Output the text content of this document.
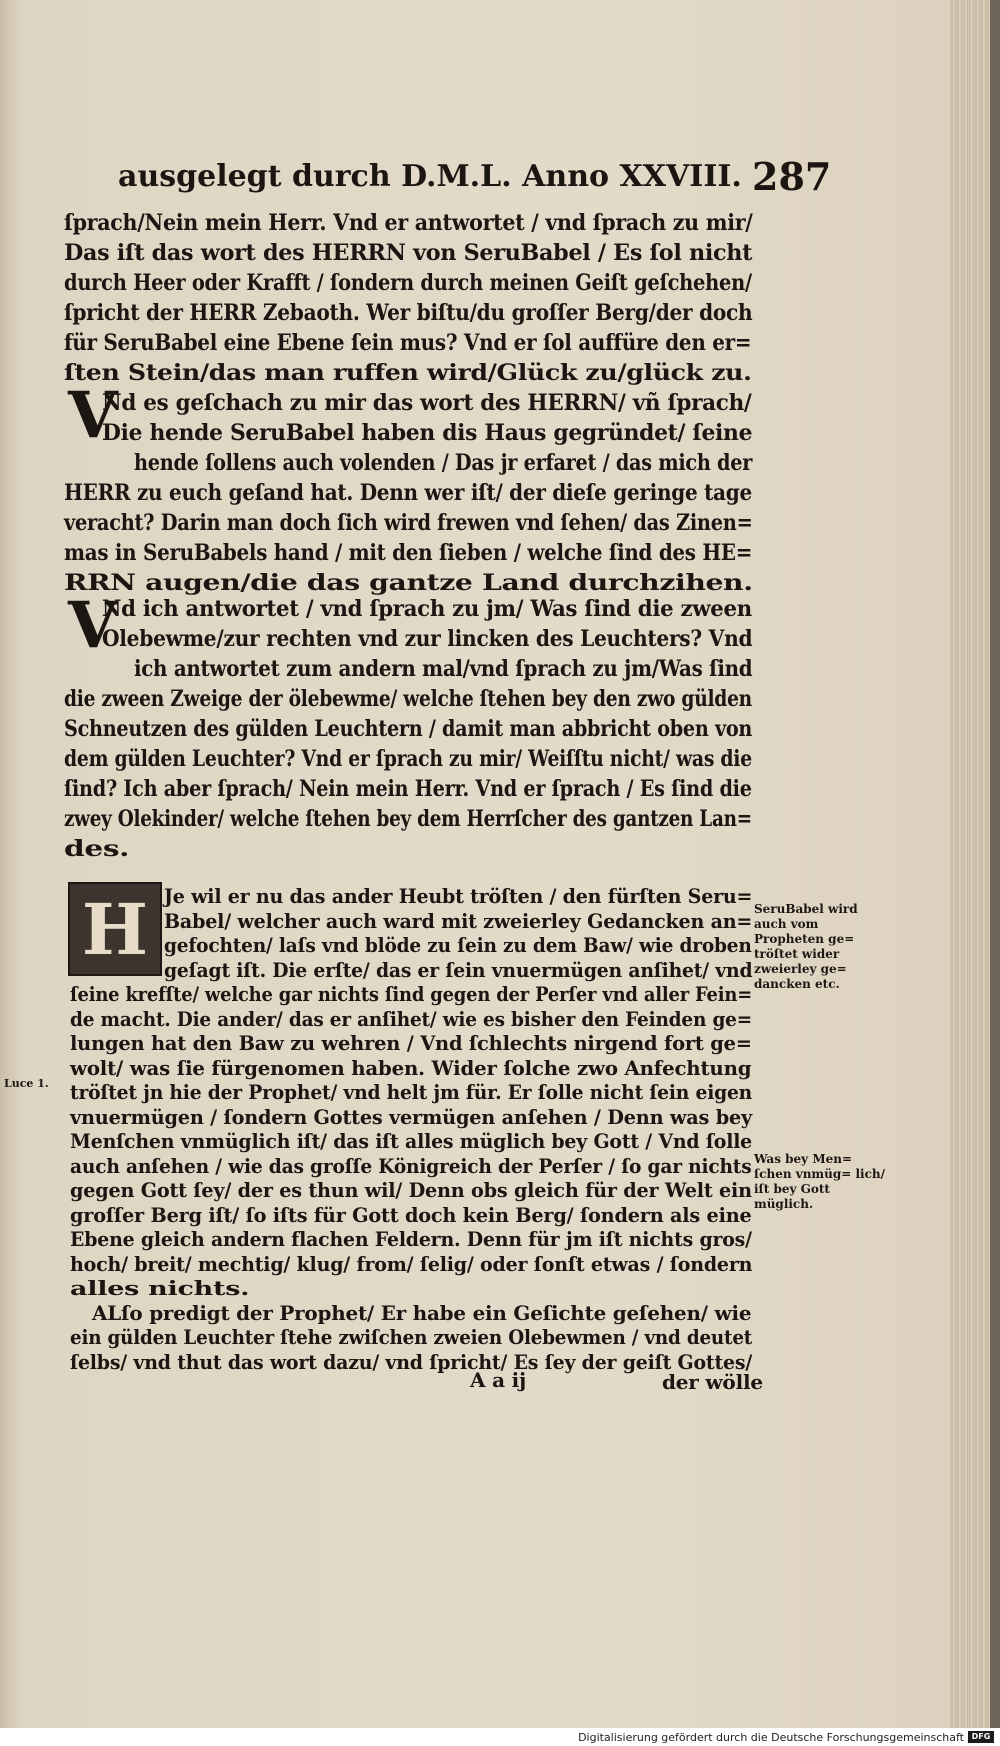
ausgelegt durch D.M.L. Anno XXVIII. 287
ſprach/Nein mein Herr. Vnd er antwortet / vnd ſprach zu mir/
Das iſt das wort des HERRN von SeruBabel / Es ſol nicht
durch Heer oder Krafft / ſondern durch meinen Geiſt geſchehen/
ſpricht der HERR Zebaoth. Wer biſtu/du groſſer Berg/der doch
für SeruBabel eine Ebene ſein mus? Vnd er ſol auffüre den er=
ſten Stein/das man ruffen wird/Glück zu/glück zu.
V
Nd es geſchach zu mir das wort des HERRN/ vñ ſprach/
Die hende SeruBabel haben dis Haus gegründet/ ſeine
hende ſollens auch volenden / Das jr erfaret / das mich der
HERR zu euch geſand hat. Denn wer iſt/ der dieſe geringe tage
veracht? Darin man doch ſich wird frewen vnd ſehen/ das Zinen=
mas in SeruBabels hand / mit den ſieben / welche ſind des HE=
RRN augen/die das gantze Land durchzihen.
V
Nd ich antwortet / vnd ſprach zu jm/ Was ſind die zween
Olebewme/zur rechten vnd zur lincken des Leuchters? Vnd
ich antwortet zum andern mal/vnd ſprach zu jm/Was ſind
die zween Zweige der ölebewme/ welche ſtehen bey den zwo gülden
Schneutzen des gülden Leuchtern / damit man abbricht oben von
dem gülden Leuchter? Vnd er ſprach zu mir/ Weiſſtu nicht/ was die
ſind? Ich aber ſprach/ Nein mein Herr. Vnd er ſprach / Es ſind die
zwey Olekinder/ welche ſtehen bey dem Herrſcher des gantzen Lan=
des.
H Je wil er nu das ander Heubt tröſten / den fürſten Seru=
Babel/ welcher auch ward mit zweierley Gedancken an=
gefochten/ laſs vnd blöde zu ſein zu dem Baw/ wie droben
geſagt iſt. Die erſte/ das er ſein vnuermügen anſihet/ vnd
ſeine krefſte/ welche gar nichts ſind gegen der Perſer vnd aller Fein=
de macht. Die ander/ das er anſihet/ wie es bisher den Feinden ge=
lungen hat den Baw zu wehren / Vnd ſchlechts nirgend fort ge=
wolt/ was ſie fürgenomen haben. Wider ſolche zwo Anfechtung
tröſtet jn hie der Prophet/ vnd helt jm für. Er ſolle nicht ſein eigen
vnuermügen / ſondern Gottes vermügen anſehen / Denn was bey
Menſchen vnmüglich iſt/ das iſt alles müglich bey Gott / Vnd ſolle
auch anſehen / wie das groſſe Königreich der Perſer / ſo gar nichts
gegen Gott ſey/ der es thun wil/ Denn obs gleich für der Welt ein
groſſer Berg iſt/ ſo iſts für Gott doch kein Berg/ ſondern als eine
Ebene gleich andern flachen Feldern. Denn für jm iſt nichts gros/
hoch/ breit/ mechtig/ klug/ from/ ſelig/ oder ſonſt etwas / ſondern
alles nichts.
ALſo predigt der Prophet/ Er habe ein Geſichte geſehen/ wie
ein gülden Leuchter ſtehe zwiſchen zweien Olebewmen / vnd deutet
ſelbs/ vnd thut das wort dazu/ vnd ſpricht/ Es ſey der geiſt Gottes/
SeruBabel wird auch vom Propheten ge= tröſtet wider zweierley ge= dancken etc.
Was bey Men= ſchen vnmüg= lich/ iſt bey Gott müglich.
Luce 1.
A a ij	der wölle
Digitalisierung gefördert durch die Deutsche Forschungsgemeinschaft DFG
